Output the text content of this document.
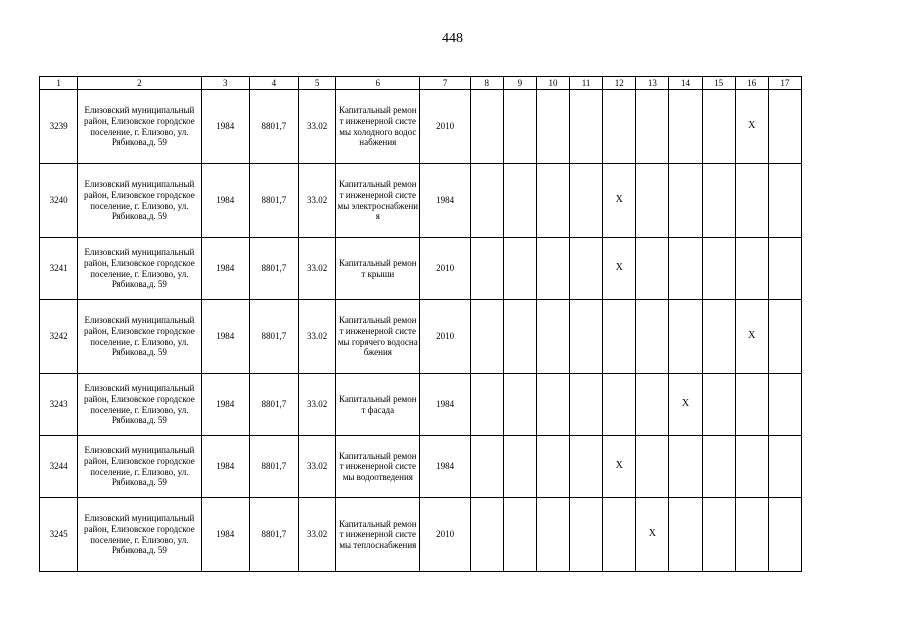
448
1	2	3	4	5	6	7	8	9	10	11	12	13	14	15	16	17
3239	Елизовский муниципальный район, Елизовское городское поселение, г. Елизово, ул. Рябикова,д. 59	1984	8801,7	33.02	Капитальный ремонт инженерной системы холодного водоснабжения	2010									X	
3240	Елизовский муниципальный район, Елизовское городское поселение, г. Елизово, ул. Рябикова,д. 59	1984	8801,7	33.02	Капитальный ремонт инженерной системы электроснабжения	1984					X					
3241	Елизовский муниципальный район, Елизовское городское поселение, г. Елизово, ул. Рябикова,д. 59	1984	8801,7	33.02	Капитальный ремонт крыши	2010					X					
3242	Елизовский муниципальный район, Елизовское городское поселение, г. Елизово, ул. Рябикова,д. 59	1984	8801,7	33.02	Капитальный ремонт инженерной системы горячего водоснабжения	2010									X	
3243	Елизовский муниципальный район, Елизовское городское поселение, г. Елизово, ул. Рябикова,д. 59	1984	8801,7	33.02	Капитальный ремонт фасада	1984							X			
3244	Елизовский муниципальный район, Елизовское городское поселение, г. Елизово, ул. Рябикова,д. 59	1984	8801,7	33.02	Капитальный ремонт инженерной системы водоотведения	1984					X					
3245	Елизовский муниципальный район, Елизовское городское поселение, г. Елизово, ул. Рябикова,д. 59	1984	8801,7	33.02	Капитальный ремонт инженерной системы теплоснабжения	2010						X				
